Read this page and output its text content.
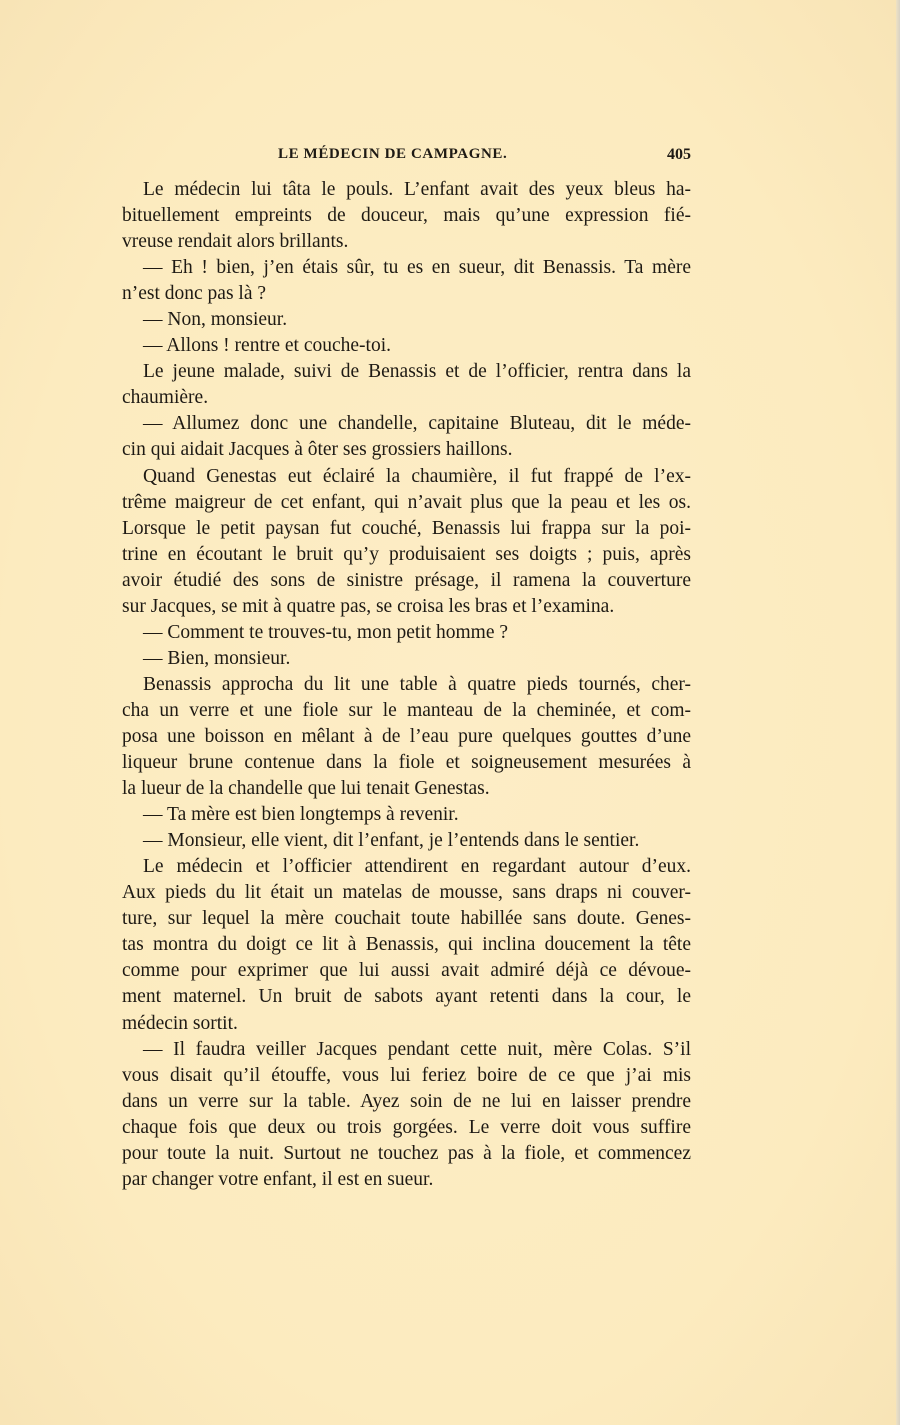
LE MÉDECIN DE CAMPAGNE.	405
Le médecin lui tâta le pouls. L’enfant avait des yeux bleus ha-
bituellement empreints de douceur, mais qu’une expression fié-
vreuse rendait alors brillants.
— Eh ! bien, j’en étais sûr, tu es en sueur, dit Benassis. Ta mère
n’est donc pas là ?
— Non, monsieur.
— Allons ! rentre et couche-toi.
Le jeune malade, suivi de Benassis et de l’officier, rentra dans la
chaumière.
— Allumez donc une chandelle, capitaine Bluteau, dit le méde-
cin qui aidait Jacques à ôter ses grossiers haillons.
Quand Genestas eut éclairé la chaumière, il fut frappé de l’ex-
trême maigreur de cet enfant, qui n’avait plus que la peau et les os.
Lorsque le petit paysan fut couché, Benassis lui frappa sur la poi-
trine en écoutant le bruit qu’y produisaient ses doigts ; puis, après
avoir étudié des sons de sinistre présage, il ramena la couverture
sur Jacques, se mit à quatre pas, se croisa les bras et l’examina.
— Comment te trouves-tu, mon petit homme ?
— Bien, monsieur.
Benassis approcha du lit une table à quatre pieds tournés, cher-
cha un verre et une fiole sur le manteau de la cheminée, et com-
posa une boisson en mêlant à de l’eau pure quelques gouttes d’une
liqueur brune contenue dans la fiole et soigneusement mesurées à
la lueur de la chandelle que lui tenait Genestas.
— Ta mère est bien longtemps à revenir.
— Monsieur, elle vient, dit l’enfant, je l’entends dans le sentier.
Le médecin et l’officier attendirent en regardant autour d’eux.
Aux pieds du lit était un matelas de mousse, sans draps ni couver-
ture, sur lequel la mère couchait toute habillée sans doute. Genes-
tas montra du doigt ce lit à Benassis, qui inclina doucement la tête
comme pour exprimer que lui aussi avait admiré déjà ce dévoue-
ment maternel. Un bruit de sabots ayant retenti dans la cour, le
médecin sortit.
— Il faudra veiller Jacques pendant cette nuit, mère Colas. S’il
vous disait qu’il étouffe, vous lui feriez boire de ce que j’ai mis
dans un verre sur la table. Ayez soin de ne lui en laisser prendre
chaque fois que deux ou trois gorgées. Le verre doit vous suffire
pour toute la nuit. Surtout ne touchez pas à la fiole, et commencez
par changer votre enfant, il est en sueur.
